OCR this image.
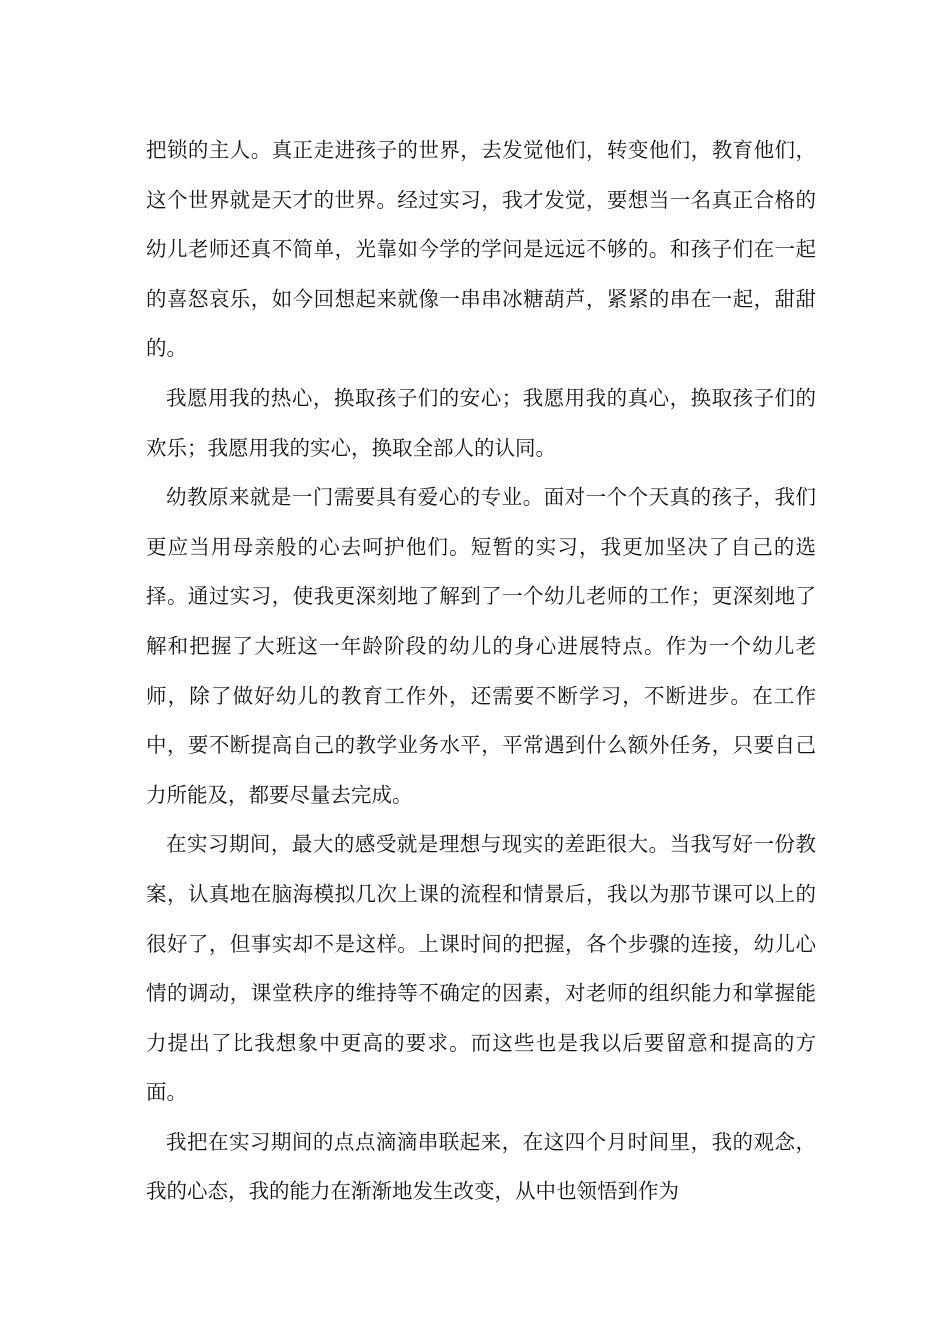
把锁的主人。真正走进孩子的世界，去发觉他们，转变他们，教育他们，这个世界就是天才的世界。经过实习，我才发觉，要想当一名真正合格的幼儿老师还真不简单，光靠如今学的学问是远远不够的。和孩子们在一起的喜怒哀乐，如今回想起来就像一串串冰糖葫芦，紧紧的串在一起，甜甜的。

我愿用我的热心，换取孩子们的安心；我愿用我的真心，换取孩子们的欢乐；我愿用我的实心，换取全部人的认同。

幼教原来就是一门需要具有爱心的专业。面对一个个天真的孩子，我们更应当用母亲般的心去呵护他们。短暂的实习，我更加坚决了自己的选择。通过实习，使我更深刻地了解到了一个幼儿老师的工作；更深刻地了解和把握了大班这一年龄阶段的幼儿的身心进展特点。作为一个幼儿老师，除了做好幼儿的教育工作外，还需要不断学习，不断进步。在工作中，要不断提高自己的教学业务水平，平常遇到什么额外任务，只要自己力所能及，都要尽量去完成。

在实习期间，最大的感受就是理想与现实的差距很大。当我写好一份教案，认真地在脑海模拟几次上课的流程和情景后，我以为那节课可以上的很好了，但事实却不是这样。上课时间的把握，各个步骤的连接，幼儿心情的调动，课堂秩序的维持等不确定的因素，对老师的组织能力和掌握能力提出了比我想象中更高的要求。而这些也是我以后要留意和提高的方面。

我把在实习期间的点点滴滴串联起来，在这四个月时间里，我的观念，我的心态，我的能力在渐渐地发生改变，从中也领悟到作为
